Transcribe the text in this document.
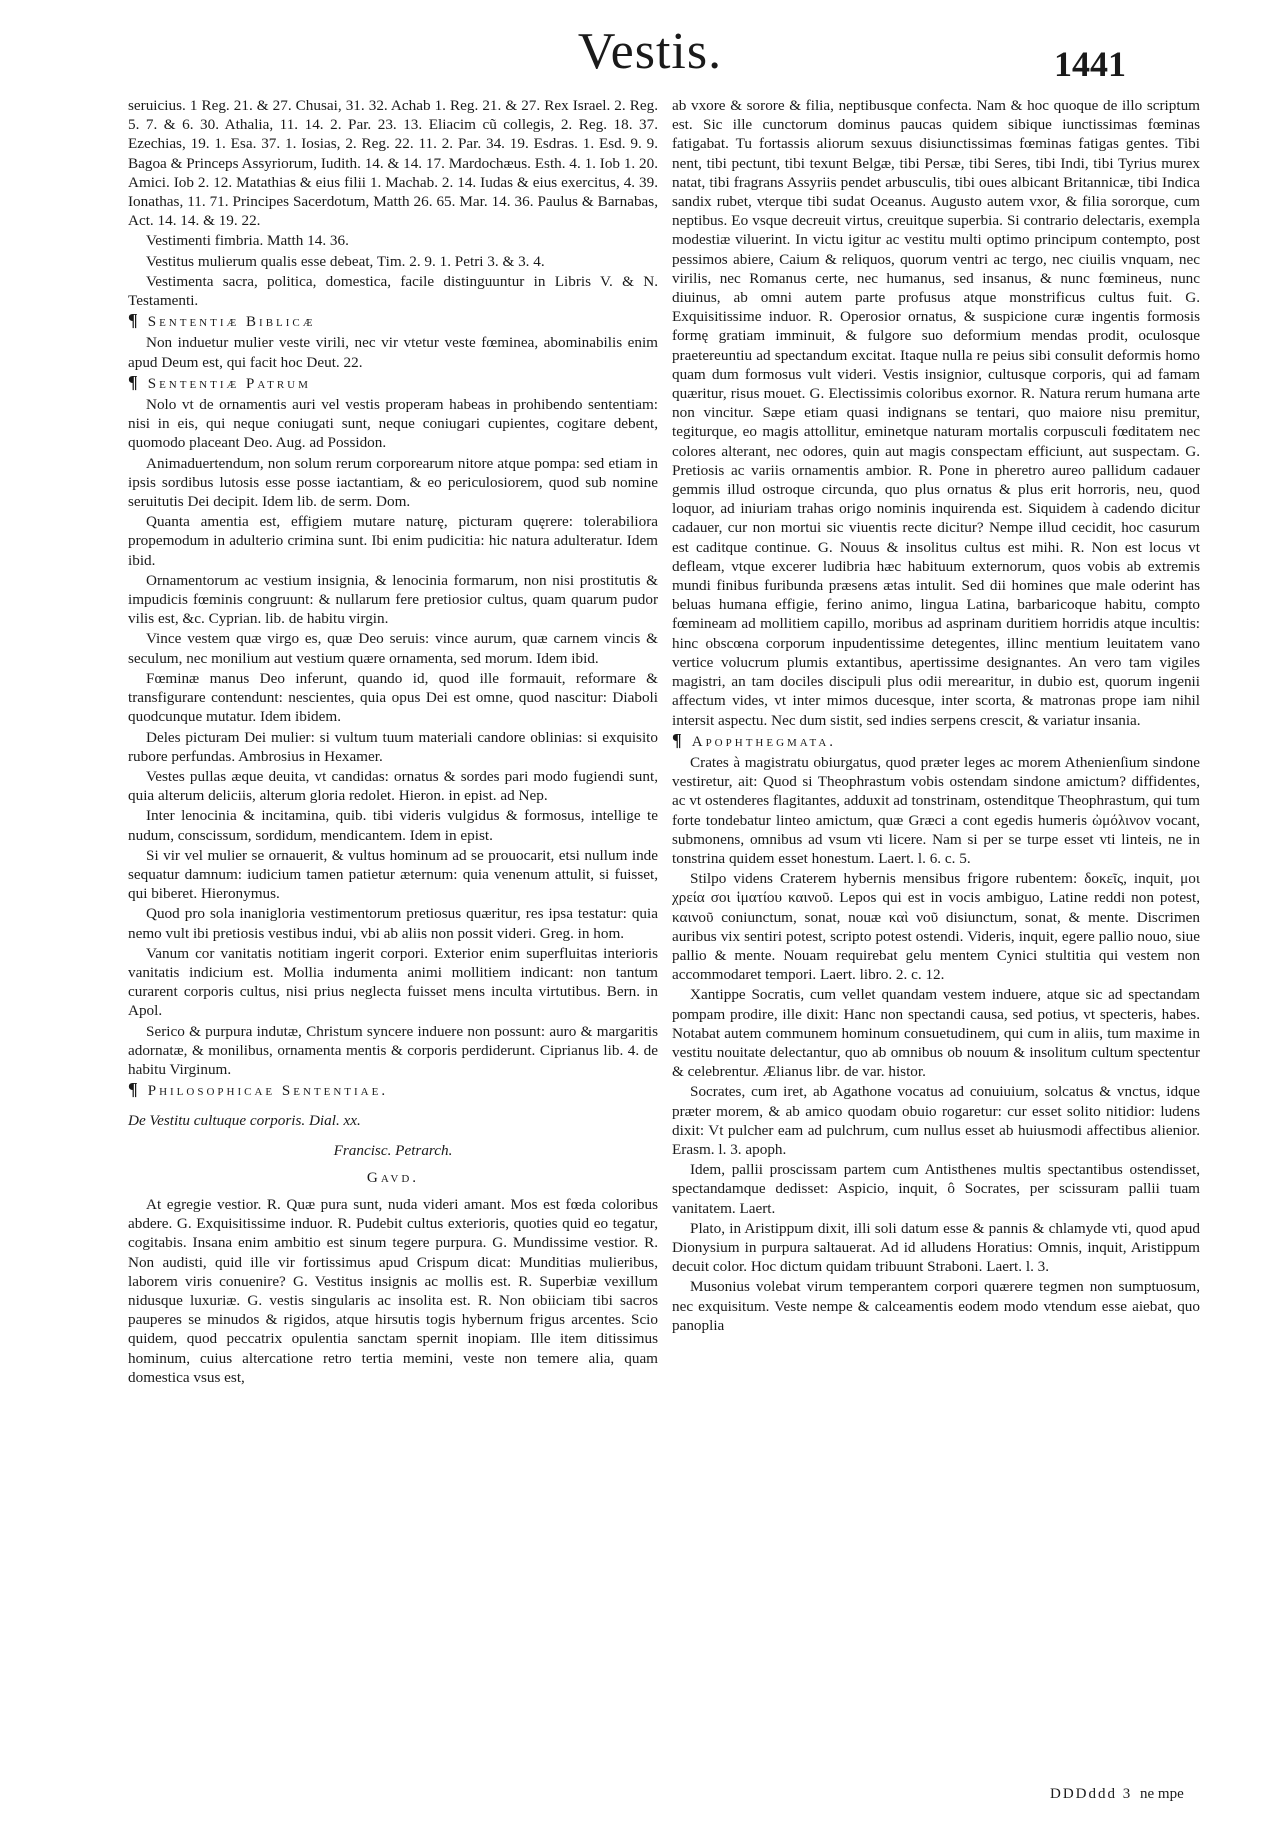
Vestis.	1441

seruicius. 1 Reg. 21. & 27. Chusai, 31. 32. Achab 1. Reg. 21. & 27. Rex Israel. 2. Reg. 5. 7. & 6. 30. Athalia, 11. 14. 2. Par. 23. 13. Eliacim cũ collegis, 2. Reg. 18. 37. Ezechias, 19. 1. Esa. 37. 1. Iosias, 2. Reg. 22. 11. 2. Par. 34. 19. Esdras. 1. Esd. 9. 9. Bagoa & Princeps Assyriorum, Iudith. 14. & 14. 17. Mardochæus. Esth. 4. 1. Iob 1. 20. Amici. Iob 2. 12. Matathias & eius filii 1. Machab. 2. 14. Iudas & eius exercitus, 4. 39. Ionathas, 11. 71. Principes Sacerdotum, Matth 26. 65. Mar. 14. 36. Paulus & Barnabas, Act. 14. 14. & 19. 22.

Vestimenti fimbria. Matth 14. 36.

Vestitus mulierum qualis esse debeat, Tim. 2. 9. 1. Petri 3. & 3. 4.

Vestimenta sacra, politica, domestica, facile distinguuntur in Libris V. & N. Testamenti.

¶ Sententiæ Biblicæ

Non induetur mulier veste virili, nec vir vtetur veste fœminea, abominabilis enim apud Deum est, qui facit hoc Deut. 22.

¶ Sententiæ Patrum

Nolo vt de ornamentis auri vel vestis properam habeas in prohibendo sententiam: nisi in eis, qui neque coniugati sunt, neque coniugari cupientes, cogitare debent, quomodo placeant Deo. Aug. ad Possidon.

Animaduertendum, non solum rerum corporearum nitore atque pompa: sed etiam in ipsis sordibus lutosis esse posse iactantiam, & eo periculosiorem, quod sub nomine seruitutis Dei decipit. Idem lib. de serm. Dom.

Quanta amentia est, effigiem mutare naturę, picturam quęrere: tolerabiliora propemodum in adulterio crimina sunt. Ibi enim pudicitia: hic natura adulteratur. Idem ibid.

Ornamentorum ac vestium insignia, & lenocinia formarum, non nisi prostitutis & impudicis fœminis congruunt: & nullarum fere pretiosior cultus, quam quarum pudor vilis est, &c. Cyprian. lib. de habitu virgin.

Vince vestem quæ virgo es, quæ Deo seruis: vince aurum, quæ carnem vincis & seculum, nec monilium aut vestium quære ornamenta, sed morum. Idem ibid.

Fœminæ manus Deo inferunt, quando id, quod ille formauit, reformare & transfigurare contendunt: nescientes, quia opus Dei est omne, quod nascitur: Diaboli quodcunque mutatur. Idem ibidem.

Deles picturam Dei mulier: si vultum tuum materiali candore oblinias: si exquisito rubore perfundas. Ambrosius in Hexamer.

Vestes pullas æque deuita, vt candidas: ornatus & sordes pari modo fugiendi sunt, quia alterum deliciis, alterum gloria redolet. Hieron. in epist. ad Nep.

Inter lenocinia & incitamina, quib. tibi videris vulgidus & formosus, intellige te nudum, conscissum, sordidum, mendicantem. Idem in epist.

Si vir vel mulier se ornauerit, & vultus hominum ad se prouocarit, etsi nullum inde sequatur damnum: iudicium tamen patietur æternum: quia venenum attulit, si fuisset, qui biberet. Hieronymus.

Quod pro sola inanigloria vestimentorum pretiosus quæritur, res ipsa testatur: quia nemo vult ibi pretiosis vestibus indui, vbi ab aliis non possit videri. Greg. in hom.

Vanum cor vanitatis notitiam ingerit corpori. Exterior enim superfluitas interioris vanitatis indicium est. Mollia indumenta animi mollitiem indicant: non tantum curarent corporis cultus, nisi prius neglecta fuisset mens inculta virtutibus. Bern. in Apol.

Serico & purpura indutæ, Christum syncere induere non possunt: auro & margaritis adornatæ, & monilibus, ornamenta mentis & corporis perdiderunt. Ciprianus lib. 4. de habitu Virginum.

¶ Philosophicae Sententiae.

De Vestitu cultuque corporis. Dial. xx.

Francisc. Petrarch.

Gavd.

At egregie vestior. R. Quæ pura sunt, nuda videri amant. Mos est fœda coloribus abdere. G. Exquisitissime induor. R. Pudebit cultus exterioris, quoties quid eo tegatur, cogitabis. Insana enim ambitio est sinum tegere purpura. G. Mundissime vestior. R. Non audisti, quid ille vir fortissimus apud Crispum dicat: Munditias mulieribus, laborem viris conuenire? G. Vestitus insignis ac mollis est. R. Superbiæ vexillum nidusque luxuriæ. G. vestis singularis ac insolita est. R. Non obiiciam tibi sacros pauperes se minudos & rigidos, atque hirsutis togis hybernum frigus arcentes. Scio quidem, quod peccatrix opulentia sanctam spernit inopiam. Ille item ditissimus hominum, cuius altercatione retro tertia memini, veste non temere alia, quam domestica vsus est,

ab vxore & sorore & filia, neptibusque confecta. Nam & hoc quoque de illo scriptum est. Sic ille cunctorum dominus paucas quidem sibique iunctissimas fœminas fatigabat. Tu fortassis aliorum sexuus disiunctissimas fœminas fatigas gentes. Tibi nent, tibi pectunt, tibi texunt Belgæ, tibi Persæ, tibi Seres, tibi Indi, tibi Tyrius murex natat, tibi fragrans Assyriis pendet arbusculis, tibi oues albicant Britannicæ, tibi Indica sandix rubet, vterque tibi sudat Oceanus. Augusto autem vxor, & filia sororque, cum neptibus. Eo vsque decreuit virtus, creuitque superbia. Si contrario delectaris, exempla modestiæ viluerint. In victu igitur ac vestitu multi optimo principum contempto, post pessimos abiere, Caium & reliquos, quorum ventri ac tergo, nec ciuilis vnquam, nec virilis, nec Romanus certe, nec humanus, sed insanus, & nunc fœmineus, nunc diuinus, ab omni autem parte profusus atque monstrificus cultus fuit. G. Exquisitissime induor. R. Operosior ornatus, & suspicione curæ ingentis formosis formę gratiam imminuit, & fulgore suo deformium mendas prodit, oculosque praetereuntiu ad spectandum excitat. Itaque nulla re peius sibi consulit deformis homo quam dum formosus vult videri. Vestis insignior, cultusque corporis, qui ad famam quæritur, risus mouet. G. Electissimis coloribus exornor. R. Natura rerum humana arte non vincitur. Sæpe etiam quasi indignans se tentari, quo maiore nisu premitur, tegiturque, eo magis attollitur, eminetque naturam mortalis corpusculi fœditatem nec colores alterant, nec odores, quin aut magis conspectam efficiunt, aut suspectam. G. Pretiosis ac variis ornamentis ambior. R. Pone in pheretro aureo pallidum cadauer gemmis illud ostroque circunda, quo plus ornatus & plus erit horroris, neu, quod loquor, ad iniuriam trahas origo nominis inquirenda est. Siquidem à cadendo dicitur cadauer, cur non mortui sic viuentis recte dicitur? Nempe illud cecidit, hoc casurum est caditque continue. G. Nouus & insolitus cultus est mihi. R. Non est locus vt defleam, vtque excerer ludibria hæc habituum externorum, quos vobis ab extremis mundi finibus furibunda præsens ætas intulit. Sed dii homines que male oderint has beluas humana effigie, ferino animo, lingua Latina, barbaricoque habitu, compto fœmineam ad mollitiem capillo, moribus ad asprinam duritiem horridis atque incultis: hinc obscœna corporum inpudentissime detegentes, illinc mentium leuitatem vano vertice volucrum plumis extantibus, apertissime designantes. An vero tam vigiles magistri, an tam dociles discipuli plus odii merearitur, in dubio est, quorum ingenii affectum vides, vt inter mimos ducesque, inter scorta, & matronas prope iam nihil intersit aspectu. Nec dum sistit, sed indies serpens crescit, & variatur insania.

¶ Apophthegmata.

Crates à magistratu obiurgatus, quod præter leges ac morem Athenienſium sindone vestiretur, ait: Quod si Theophrastum vobis ostendam sindone amictum? diffidentes, ac vt ostenderes flagitantes, adduxit ad tonstrinam, ostenditque Theophrastum, qui tum forte tondebatur linteo amictum, quæ Græci a cont egedis humeris ὠμόλινον vocant, submonens, omnibus ad vsum vti licere. Nam si per se turpe esset vti linteis, ne in tonstrina quidem esset honestum. Laert. l. 6. c. 5.

Stilpo videns Craterem hybernis mensibus frigore rubentem: δοκεῖς, inquit, μοι χρεία σοι ἱματίου καινοῦ. Lepos qui est in vocis ambiguo, Latine reddi non potest, καινοῦ coniunctum, sonat, nouæ καὶ νοῦ disiunctum, sonat, & mente. Discrimen auribus vix sentiri potest, scripto potest ostendi. Videris, inquit, egere pallio nouo, siue pallio & mente. Nouam requirebat gelu mentem Cynici stultitia qui vestem non accommodaret tempori. Laert. libro. 2. c. 12.

Xantippe Socratis, cum vellet quandam vestem induere, atque sic ad spectandam pompam prodire, ille dixit: Hanc non spectandi causa, sed potius, vt specteris, habes. Notabat autem communem hominum consuetudinem, qui cum in aliis, tum maxime in vestitu nouitate delectantur, quo ab omnibus ob nouum & insolitum cultum spectentur & celebrentur. Ælianus libr. de var. histor.

Socrates, cum iret, ab Agathone vocatus ad conuiuium, solcatus & vnctus, idque præter morem, & ab amico quodam obuio rogaretur: cur esset solito nitidior: ludens dixit: Vt pulcher eam ad pulchrum, cum nullus esset ab huiusmodi affectibus alienior. Erasm. l. 3. apoph.

Idem, pallii proscissam partem cum Antisthenes multis spectantibus ostendisset, spectandamque dedisset: Aspicio, inquit, ô Socrates, per scissuram pallii tuam vanitatem. Laert.

Plato, in Aristippum dixit, illi soli datum esse & pannis & chlamyde vti, quod apud Dionysium in purpura saltauerat. Ad id alludens Horatius: Omnis, inquit, Aristippum decuit color. Hoc dictum quidam tribuunt Straboni. Laert. l. 3.

Musonius volebat virum temperantem corpori quærere tegmen non sumptuosum, nec exquisitum. Veste nempe & calceamentis eodem modo vtendum esse aiebat, quo panoplia

DDDddd 3 ne mpe
